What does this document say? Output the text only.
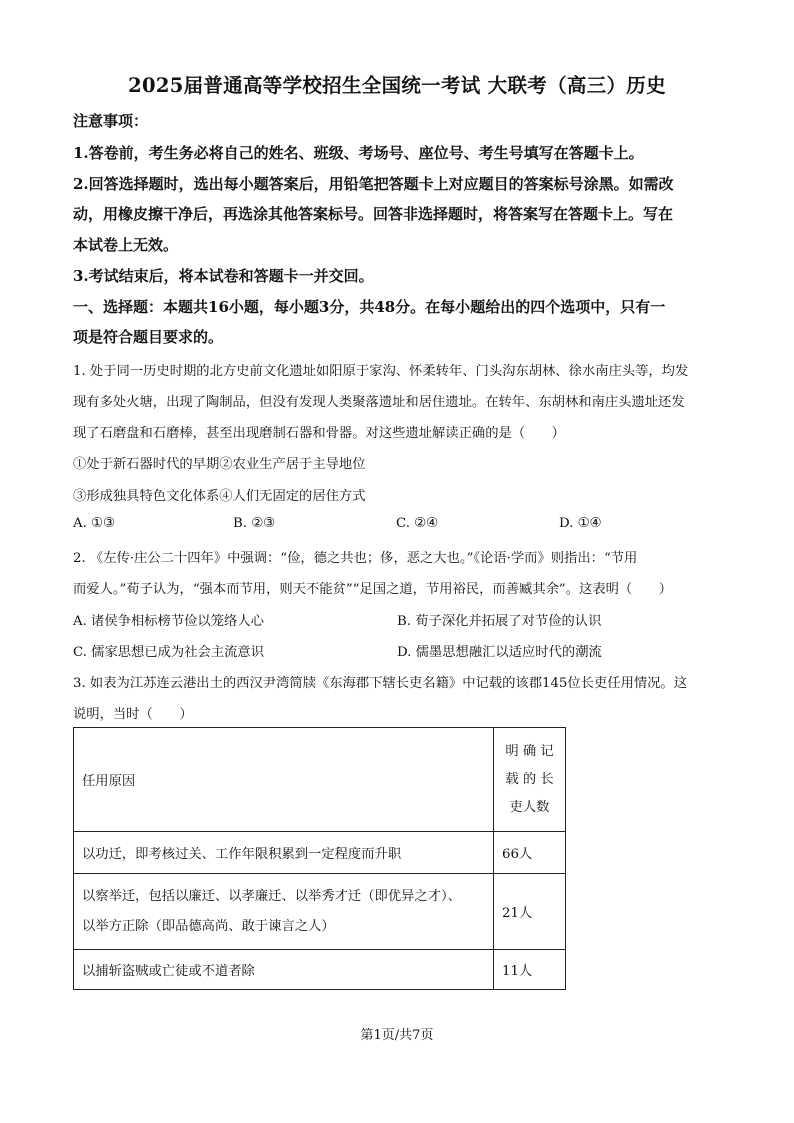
2025届普通高等学校招生全国统一考试 大联考（高三）历史
注意事项：
1.答卷前，考生务必将自己的姓名、班级、考场号、座位号、考生号填写在答题卡上。
2.回答选择题时，选出每小题答案后，用铅笔把答题卡上对应题目的答案标号涂黑。如需改
动，用橡皮擦干净后，再选涂其他答案标号。回答非选择题时，将答案写在答题卡上。写在
本试卷上无效。
3.考试结束后，将本试卷和答题卡一并交回。
一、选择题：本题共16小题，每小题3分，共48分。在每小题给出的四个选项中，只有一
项是符合题目要求的。
1. 处于同一历史时期的北方史前文化遗址如阳原于家沟、怀柔转年、门头沟东胡林、徐水南庄头等，均发
现有多处火塘，出现了陶制品，但没有发现人类聚落遗址和居住遗址。在转年、东胡林和南庄头遗址还发
现了石磨盘和石磨棒，甚至出现磨制石器和骨器。对这些遗址解读正确的是（　　）
①处于新石器时代的早期②农业生产居于主导地位
③形成独具特色文化体系④人们无固定的居住方式
A. ①③	B. ②③	C. ②④	D. ①④
2. 《左传·庄公二十四年》中强调：“俭，德之共也；侈，恶之大也。”《论语·学而》则指出：“节用
而爱人。”荀子认为，“强本而节用，则天不能贫”“足国之道，节用裕民，而善臧其余”。这表明（　　）
A. 诸侯争相标榜节俭以笼络人心	B. 荀子深化并拓展了对节俭的认识
C. 儒家思想已成为社会主流意识	D. 儒墨思想融汇以适应时代的潮流
3. 如表为江苏连云港出土的西汉尹湾简牍《东海郡下辖长吏名籍》中记载的该郡145位长吏任用情况。这
说明，当时（　　）
任用原因	明 确 记
载 的 长
吏人数

以功迁，即考核过关、工作年限积累到一定程度而升职	66人

以察举迁，包括以廉迁、以孝廉迁、以举秀才迁（即优异之才）、
以举方正除（即品德高尚、敢于谏言之人）	21人
以捕斩盗贼或亡徒或不道者除	11人
第1页/共7页
